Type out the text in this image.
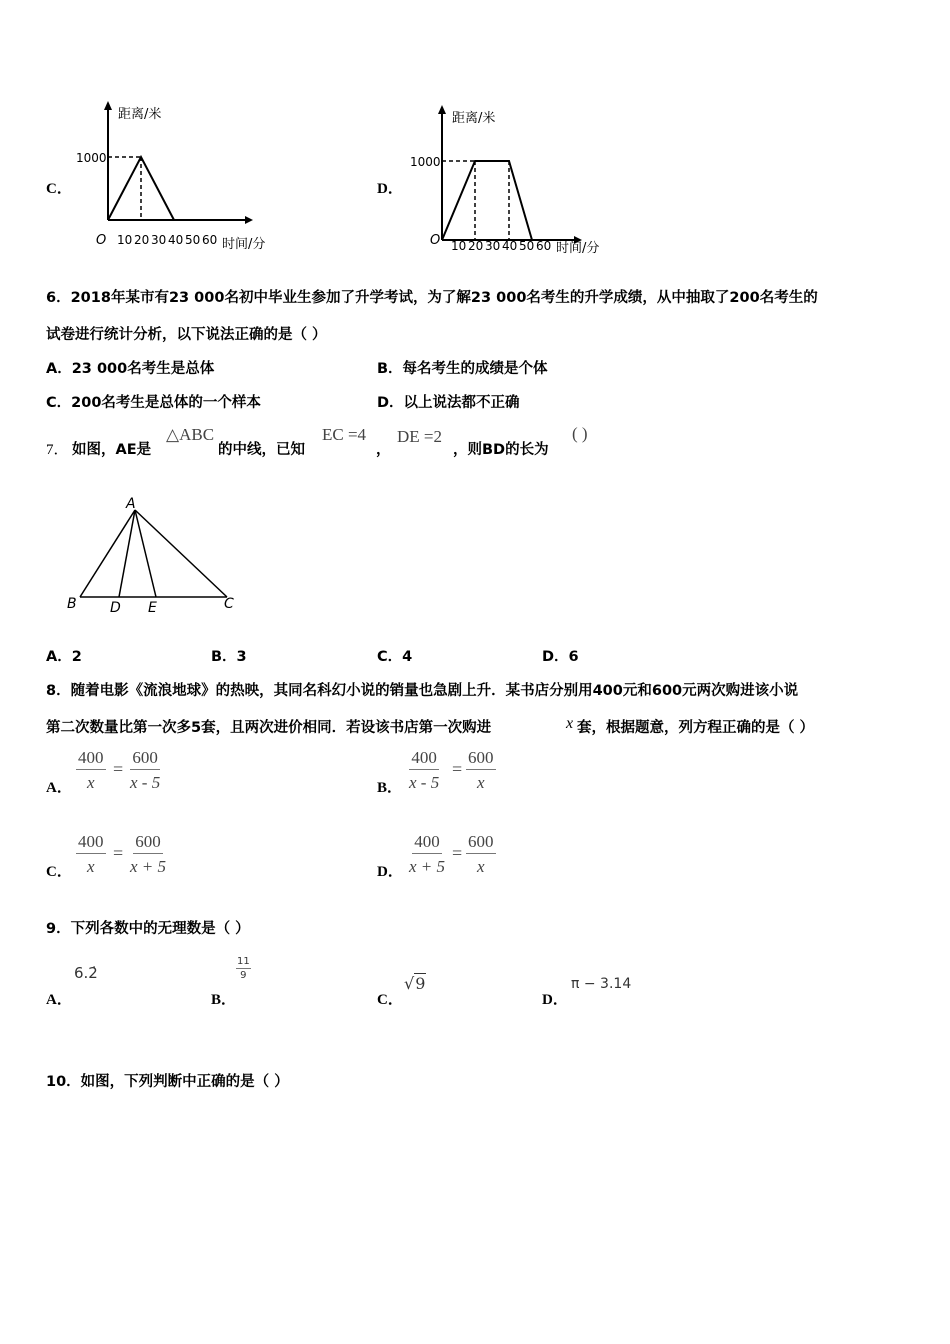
C．
距离/米
1000
O 10 20 30 40 50 60 时间/分
D．
距离/米
1000
O 10 20 30 40 50 60 时间/分
6．2018年某市有23 000名初中毕业生参加了升学考试，为了解23 000名考生的升学成绩，从中抽取了200名考生的
试卷进行统计分析，以下说法正确的是（ ）
A．23 000名考生是总体	B．每名考生的成绩是个体
C．200名考生是总体的一个样本	D．以上说法都不正确
7． 如图，AE是
△ABC
的中线，已知
EC =4
，
DE =2
，则BD的长为
( )
A
B D E	C
A．2	B．3	C．4	D．6
8．随着电影《流浪地球》的热映，其同名科幻小说的销量也急剧上升．某书店分别用400元和600元两次购进该小说
第二次数量比第一次多5套，且两次进价相同．若设该书店第一次购进	x 套，根据题意，列方程正确的是（ ）
A． $\frac{400}{x} = \frac{600}{x - 5}$	B． $\frac{400}{x - 5} = \frac{600}{x}$
C． $\frac{400}{x} = \frac{600}{x + 5}$	D． $\frac{400}{x + 5} = \frac{600}{x}$
9．下列各数中的无理数是（ ）
A．
6.2̇
B．
$\frac{11}{9}$
C．
√9
D．
π − 3.14
10．如图，下列判断中正确的是（ ）
